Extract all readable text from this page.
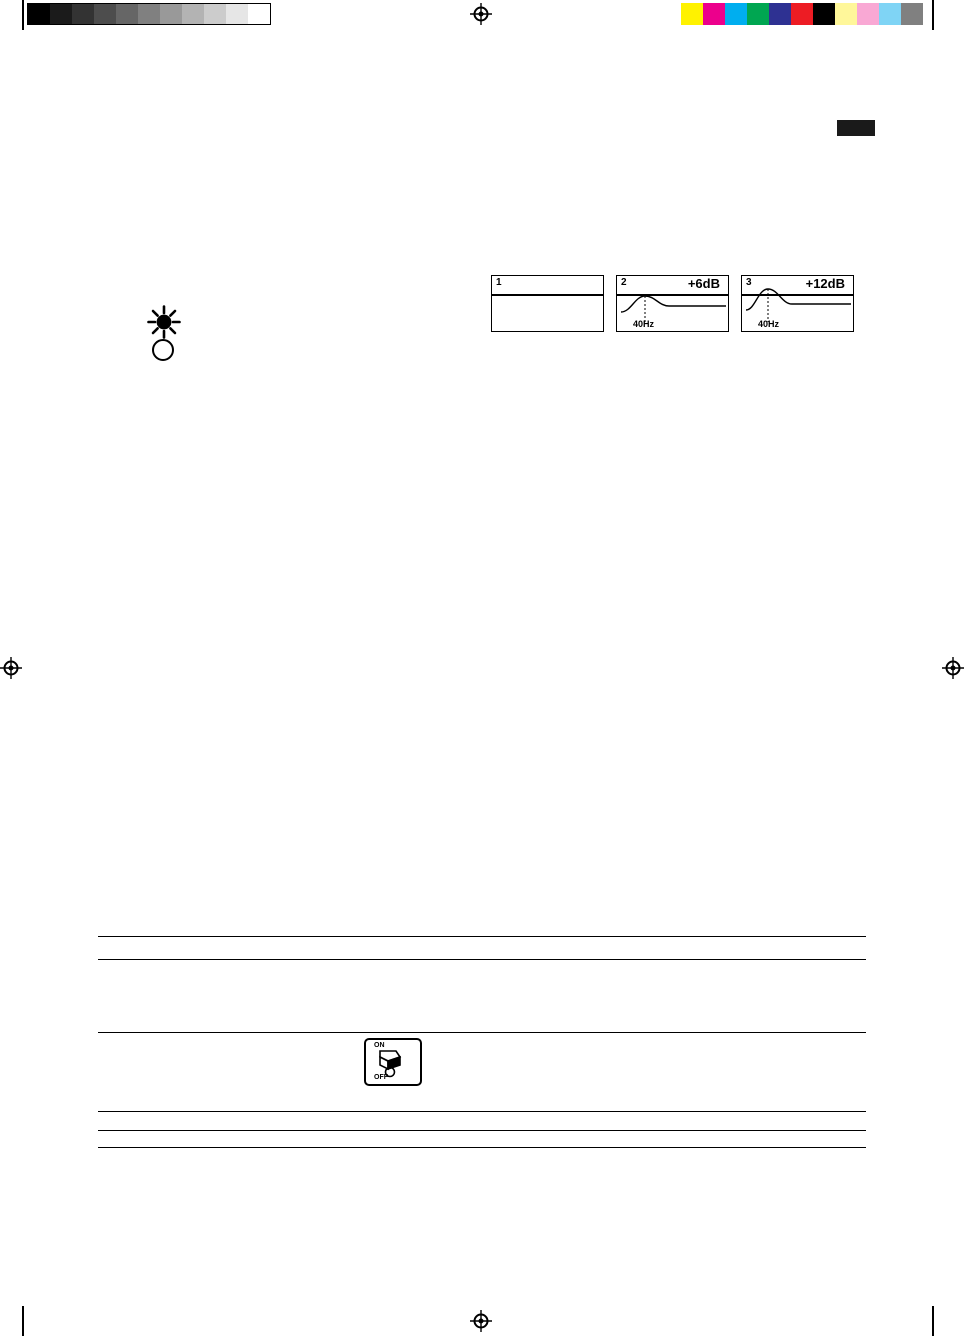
1	2	+6dB
40Hz
3	+12dB
40Hz

	ON
OFF
